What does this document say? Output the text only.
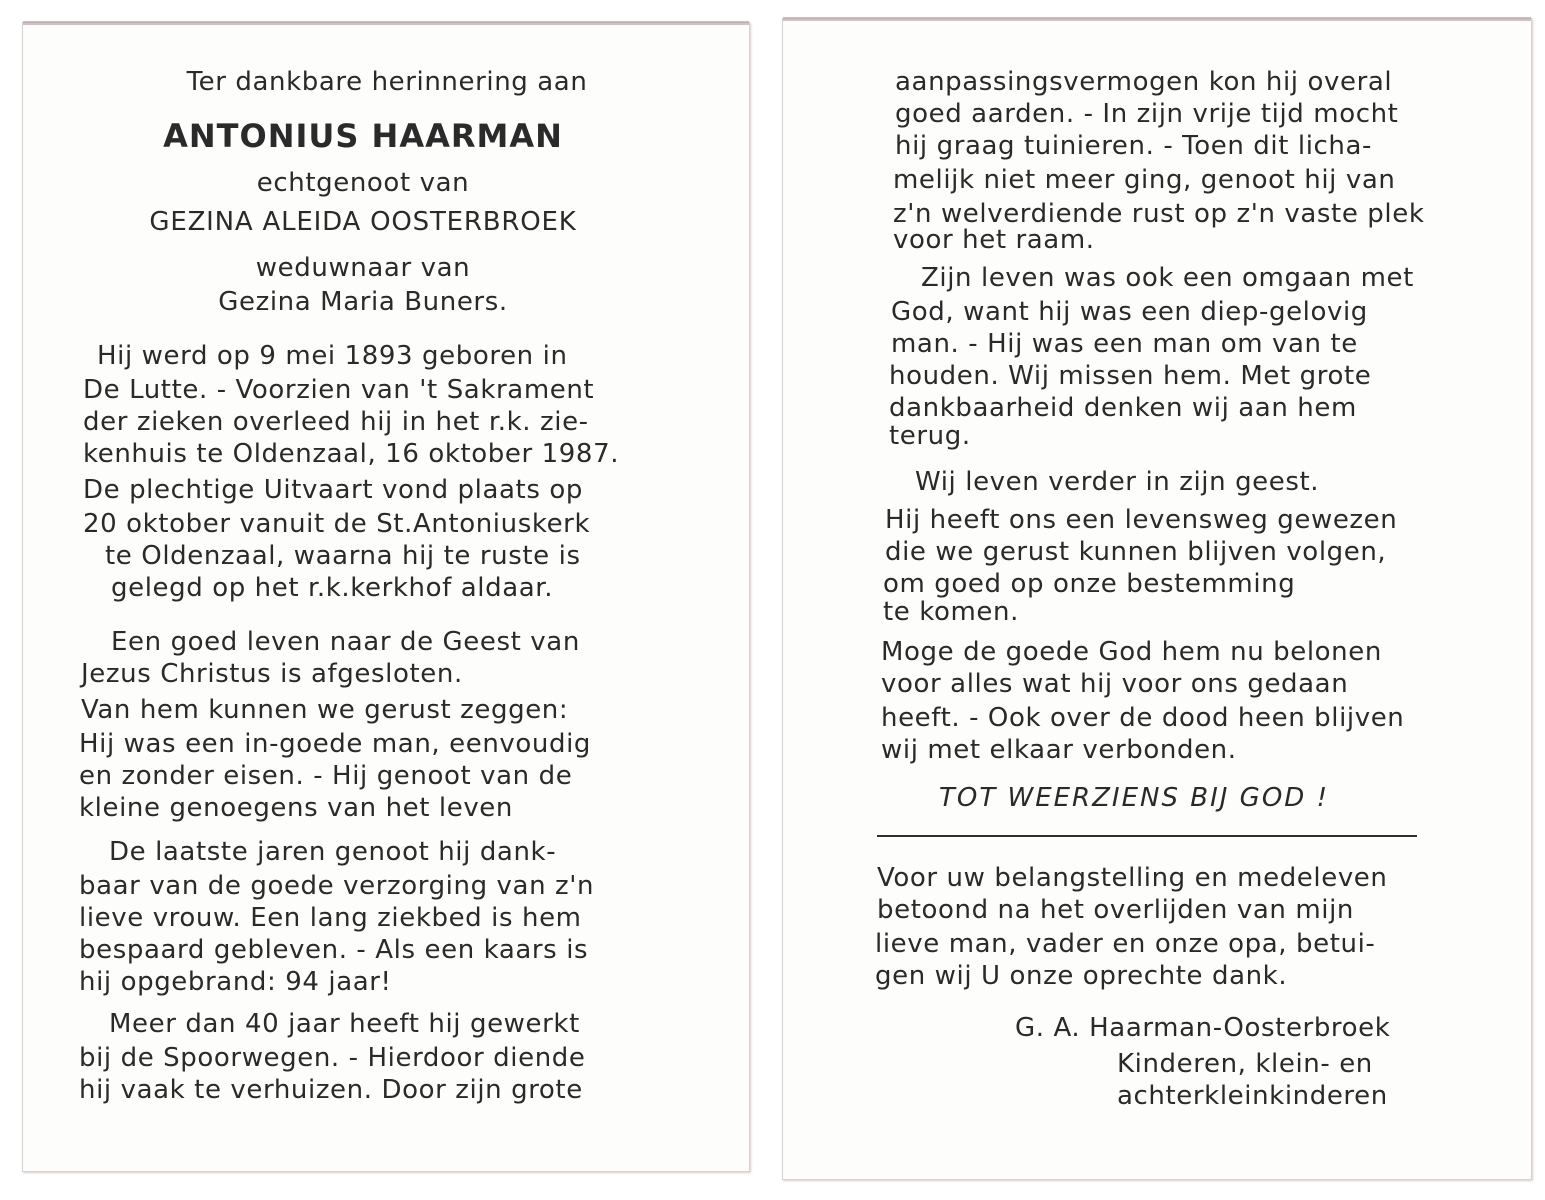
Ter dankbare herinnering aan
ANTONIUS HAARMAN
echtgenoot van
GEZINA ALEIDA OOSTERBROEK
weduwnaar van
Gezina Maria Buners.
Hij werd op 9 mei 1893 geboren in
De Lutte. - Voorzien van 't Sakrament
der zieken overleed hij in het r.k. zie-
kenhuis te Oldenzaal, 16 oktober 1987.
De plechtige Uitvaart vond plaats op
20 oktober vanuit de St.Antoniuskerk
te Oldenzaal, waarna hij te ruste is
gelegd op het r.k.kerkhof aldaar.
Een goed leven naar de Geest van
Jezus Christus is afgesloten.
Van hem kunnen we gerust zeggen:
Hij was een in-goede man, eenvoudig
en zonder eisen. - Hij genoot van de
kleine genoegens van het leven
De laatste jaren genoot hij dank-
baar van de goede verzorging van z'n
lieve vrouw. Een lang ziekbed is hem
bespaard gebleven. - Als een kaars is
hij opgebrand: 94 jaar!
Meer dan 40 jaar heeft hij gewerkt
bij de Spoorwegen. - Hierdoor diende
hij vaak te verhuizen. Door zijn grote
aanpassingsvermogen kon hij overal
goed aarden. - In zijn vrije tijd mocht
hij graag tuinieren. - Toen dit licha-
melijk niet meer ging, genoot hij van
z'n welverdiende rust op z'n vaste plek
voor het raam.
Zijn leven was ook een omgaan met
God, want hij was een diep-gelovig
man. - Hij was een man om van te
houden. Wij missen hem. Met grote
dankbaarheid denken wij aan hem
terug.
Wij leven verder in zijn geest.
Hij heeft ons een levensweg gewezen
die we gerust kunnen blijven volgen,
om goed op onze bestemming
te komen.
Moge de goede God hem nu belonen
voor alles wat hij voor ons gedaan
heeft. - Ook over de dood heen blijven
wij met elkaar verbonden.
TOT WEERZIENS BIJ GOD !
Voor uw belangstelling en medeleven
betoond na het overlijden van mijn
lieve man, vader en onze opa, betui-
gen wij U onze oprechte dank.
G. A. Haarman-Oosterbroek
Kinderen, klein- en
achterkleinkinderen
